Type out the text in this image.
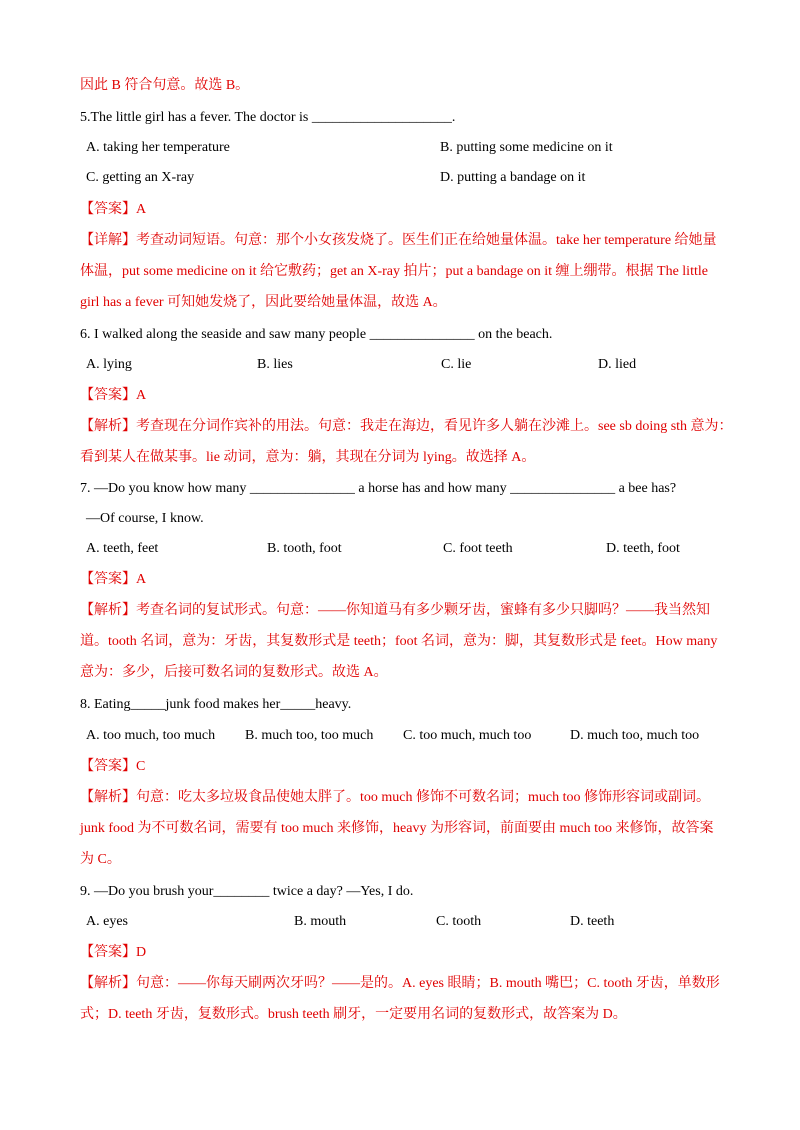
因此 B 符合句意。故选 B。
5.The little girl has a fever. The doctor is ____________________.
A. taking her temperature	B. putting some medicine on it
C. getting an X-ray	D. putting a bandage on it
【答案】A
【详解】考查动词短语。句意：那个小女孩发烧了。医生们正在给她量体温。take her temperature 给她量
体温，put some medicine on it 给它敷药；get an X-ray 拍片；put a bandage on it 缠上绷带。根据 The little
girl has a fever 可知她发烧了，因此要给她量体温，故选 A。
6. I walked along the seaside and saw many people _______________ on the beach.
A. lying	B. lies	C. lie	D. lied
【答案】A
【解析】考查现在分词作宾补的用法。句意：我走在海边，看见许多人躺在沙滩上。see sb doing sth 意为：
看到某人在做某事。lie 动词，意为：躺，其现在分词为 lying。故选择 A。
7. —Do you know how many _______________ a horse has and how many _______________ a bee has?
—Of course, I know.
A. teeth, feet	B. tooth, foot	C. foot teeth	D. teeth, foot
【答案】A
【解析】考查名词的复试形式。句意：——你知道马有多少颗牙齿，蜜蜂有多少只脚吗？——我当然知
道。tooth 名词，意为：牙齿，其复数形式是 teeth；foot 名词，意为：脚，其复数形式是 feet。How many
意为：多少，后接可数名词的复数形式。故选 A。
8. Eating_____junk food makes her_____heavy.
A. too much, too much B. much too, too much C. too much, much too	D. much too, much too
【答案】C
【解析】句意：吃太多垃圾食品使她太胖了。too much 修饰不可数名词；much too 修饰形容词或副词。
junk food 为不可数名词，需要有 too much 来修饰，heavy 为形容词，前面要由 much too 来修饰，故答案
为 C。
9. —Do you brush your________ twice a day? —Yes, I do.
A. eyes	B. mouth	C. tooth	D. teeth
【答案】D
【解析】句意：——你每天刷两次牙吗？——是的。A. eyes 眼睛；B. mouth 嘴巴；C. tooth 牙齿，单数形
式；D. teeth 牙齿，复数形式。brush teeth 刷牙，一定要用名词的复数形式，故答案为 D。
